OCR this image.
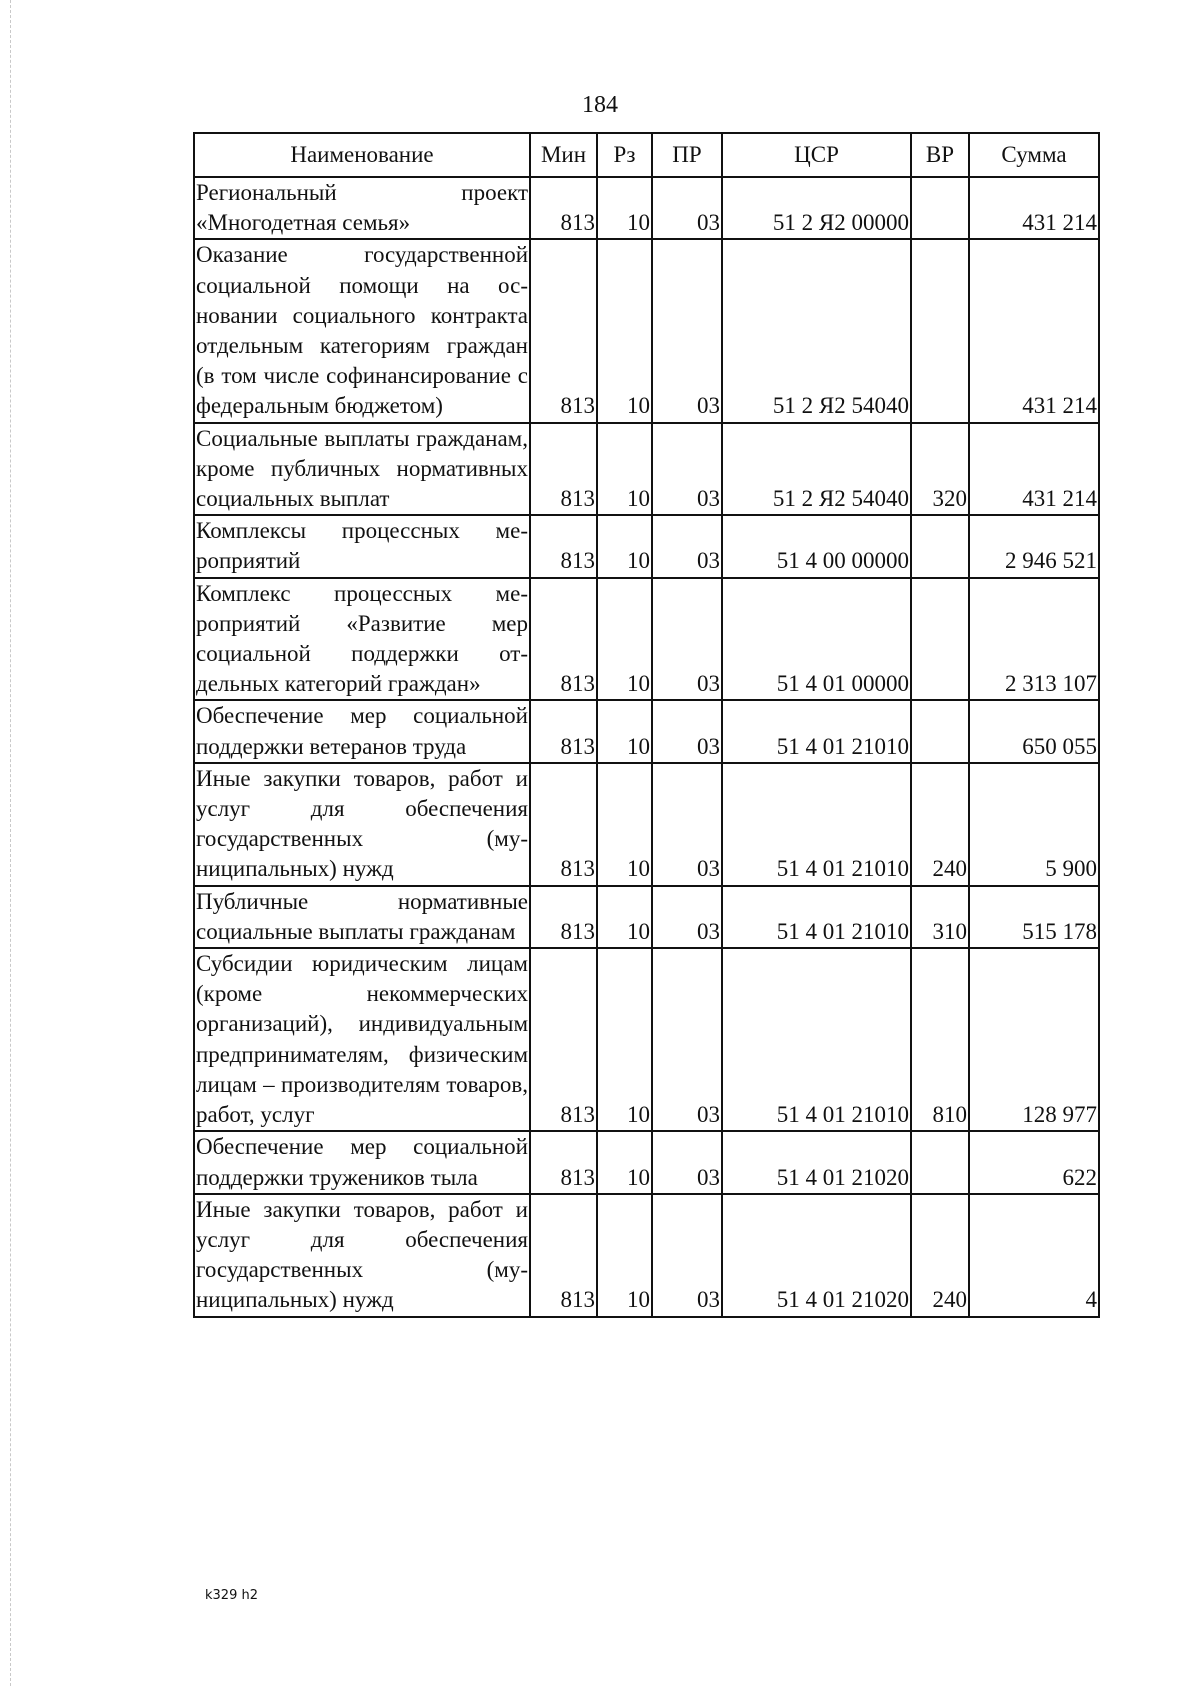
184
Наименование	Мин	Рз	ПР	ЦСР	ВР	Сумма
Региональный проект «Многодетная семья»	813	10	03	51 2 Я2 00000		431 214
Оказание государственной социальной помощи на основании социального контракта отдельным категориям граждан (в том числе софинансирование с федеральным бюджетом)	813	10	03	51 2 Я2 54040		431 214
Социальные выплаты гражданам, кроме публичных нормативных социальных выплат	813	10	03	51 2 Я2 54040	320	431 214
Комплексы процессных мероприятий	813	10	03	51 4 00 00000		2 946 521
Комплекс процессных мероприятий «Развитие мер социальной поддержки отдельных категорий граждан»	813	10	03	51 4 01 00000		2 313 107
Обеспечение мер социальной поддержки ветеранов труда	813	10	03	51 4 01 21010		650 055
Иные закупки товаров, работ и услуг для обеспечения государственных (муниципальных) нужд	813	10	03	51 4 01 21010	240	5 900
Публичные нормативные социальные выплаты гражданам	813	10	03	51 4 01 21010	310	515 178
Субсидии юридическим лицам (кроме некоммерческих организаций), индивидуальным предпринимателям, физическим лицам – производителям товаров, работ, услуг	813	10	03	51 4 01 21010	810	128 977
Обеспечение мер социальной поддержки тружеников тыла	813	10	03	51 4 01 21020		622
Иные закупки товаров, работ и услуг для обеспечения государственных (муниципальных) нужд	813	10	03	51 4 01 21020	240	4
k329 h2
